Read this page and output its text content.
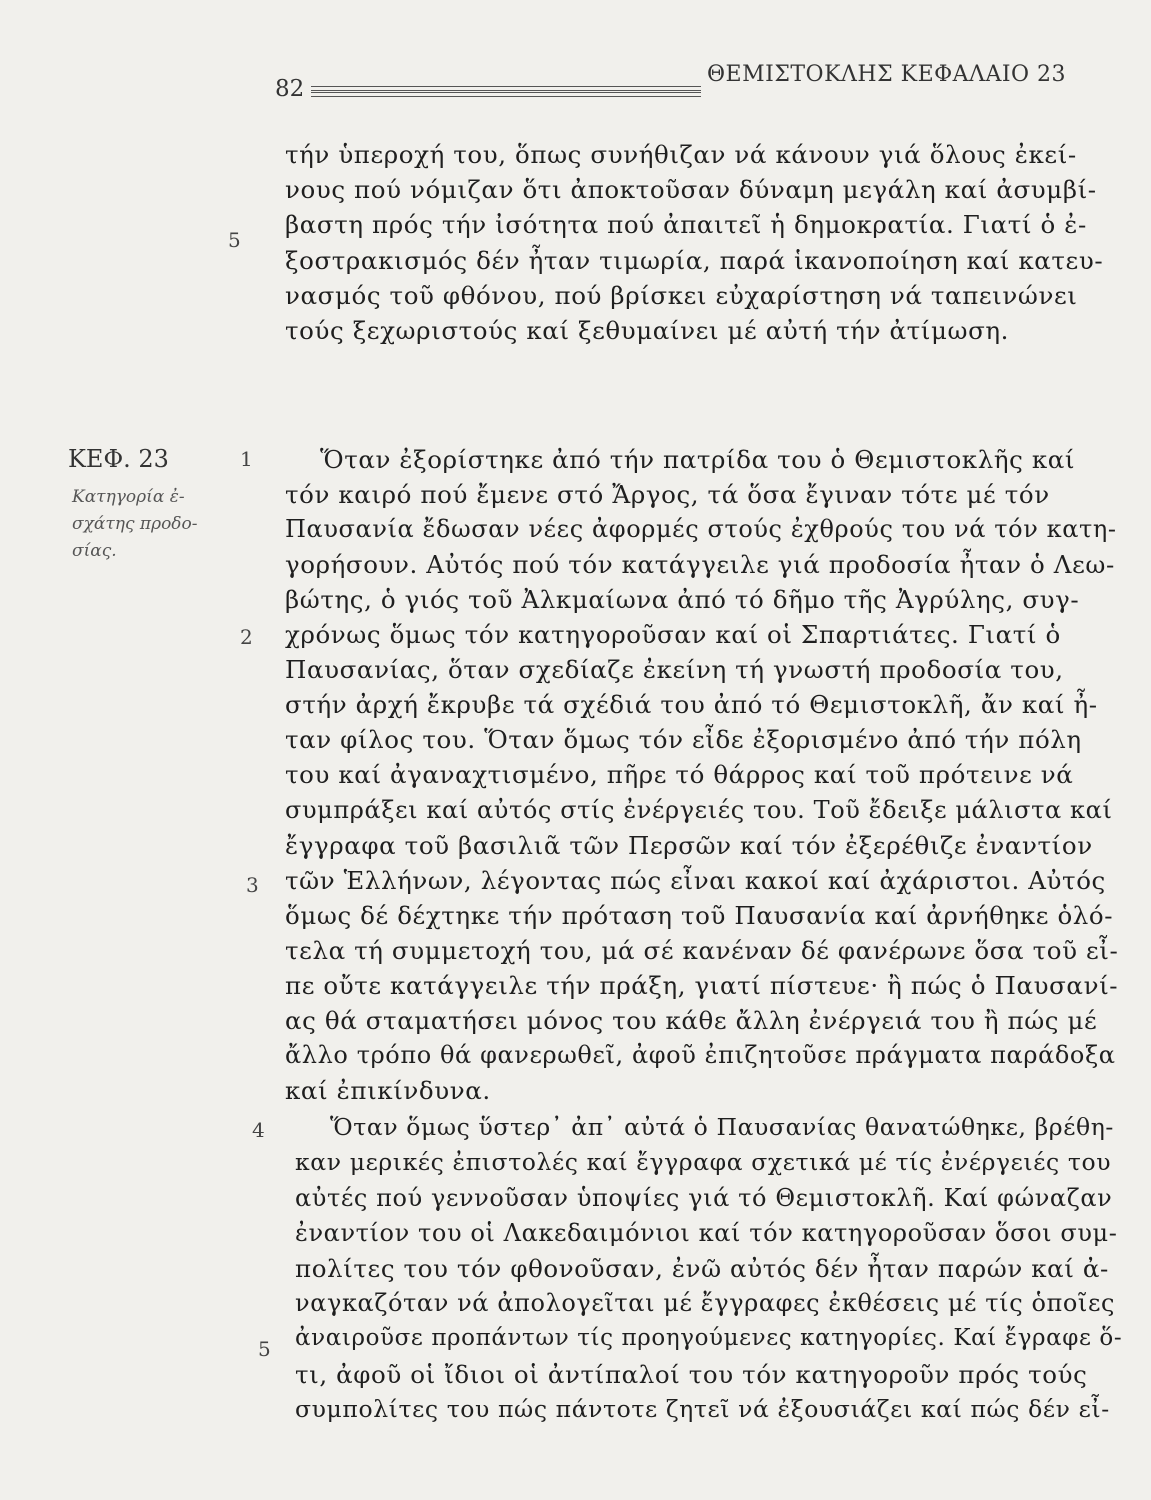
82
ΘΕΜΙΣΤΟΚΛΗΣ ΚΕΦΑΛΑΙΟ 23
ΚΕΦ. 23
Κατηγορία ἐ-
σχάτης προδο-
σίας.
5
1
2
3
4
5
τήν ὑπεροχή του, ὅπως συνήθιζαν νά κάνουν γιά ὅλους ἐκεί-
νους πού νόμιζαν ὅτι ἀποκτοῦσαν δύναμη μεγάλη καί ἀσυμβί-
βαστη πρός τήν ἰσότητα πού ἀπαιτεῖ ἡ δημοκρατία. Γιατί ὁ ἐ-
ξοστρακισμός δέν ἦταν τιμωρία, παρά ἱκανοποίηση καί κατευ-
νασμός τοῦ φθόνου, πού βρίσκει εὐχαρίστηση νά ταπεινώνει
τούς ξεχωριστούς καί ξεθυμαίνει μέ αὐτή τήν ἀτίμωση.
Ὅταν ἐξορίστηκε ἀπό τήν πατρίδα του ὁ Θεμιστοκλῆς καί
τόν καιρό πού ἔμενε στό Ἄργος, τά ὅσα ἔγιναν τότε μέ τόν
Παυσανία ἔδωσαν νέες ἀφορμές στούς ἐχθρούς του νά τόν κατη-
γορήσουν. Αὐτός πού τόν κατάγγειλε γιά προδοσία ἦταν ὁ Λεω-
βώτης, ὁ γιός τοῦ Ἀλκμαίωνα ἀπό τό δῆμο τῆς Ἀγρύλης, συγ-
χρόνως ὅμως τόν κατηγοροῦσαν καί οἱ Σπαρτιάτες. Γιατί ὁ
Παυσανίας, ὅταν σχεδίαζε ἐκείνη τή γνωστή προδοσία του,
στήν ἀρχή ἔκρυβε τά σχέδιά του ἀπό τό Θεμιστοκλῆ, ἄν καί ἦ-
ταν φίλος του. Ὅταν ὅμως τόν εἶδε ἐξορισμένο ἀπό τήν πόλη
του καί ἀγαναχτισμένο, πῆρε τό θάρρος καί τοῦ πρότεινε νά
συμπράξει καί αὐτός στίς ἐνέργειές του. Τοῦ ἔδειξε μάλιστα καί
ἔγγραφα τοῦ βασιλιᾶ τῶν Περσῶν καί τόν ἐξερέθιζε ἐναντίον
τῶν Ἑλλήνων, λέγοντας πώς εἶναι κακοί καί ἀχάριστοι. Αὐτός
ὅμως δέ δέχτηκε τήν πρόταση τοῦ Παυσανία καί ἀρνήθηκε ὁλό-
τελα τή συμμετοχή του, μά σέ κανέναν δέ φανέρωνε ὅσα τοῦ εἶ-
πε οὔτε κατάγγειλε τήν πράξη, γιατί πίστευε· ἢ πώς ὁ Παυσανί-
ας θά σταματήσει μόνος του κάθε ἄλλη ἐνέργειά του ἢ πώς μέ
ἄλλο τρόπο θά φανερωθεῖ, ἀφοῦ ἐπιζητοῦσε πράγματα παράδοξα
καί ἐπικίνδυνα.
Ὅταν ὅμως ὕστερ᾽ ἀπ᾽ αὐτά ὁ Παυσανίας θανατώθηκε, βρέθη-
καν μερικές ἐπιστολές καί ἔγγραφα σχετικά μέ τίς ἐνέργειές του
αὐτές πού γεννοῦσαν ὑποψίες γιά τό Θεμιστοκλῆ. Καί φώναζαν
ἐναντίον του οἱ Λακεδαιμόνιοι καί τόν κατηγοροῦσαν ὅσοι συμ-
πολίτες του τόν φθονοῦσαν, ἐνῶ αὐτός δέν ἦταν παρών καί ἀ-
ναγκαζόταν νά ἀπολογεῖται μέ ἔγγραφες ἐκθέσεις μέ τίς ὁποῖες
ἀναιροῦσε προπάντων τίς προηγούμενες κατηγορίες. Καί ἔγραφε ὅ-
τι, ἀφοῦ οἱ ἴδιοι οἱ ἀντίπαλοί του τόν κατηγοροῦν πρός τούς
συμπολίτες του πώς πάντοτε ζητεῖ νά ἐξουσιάζει καί πώς δέν εἶ-
